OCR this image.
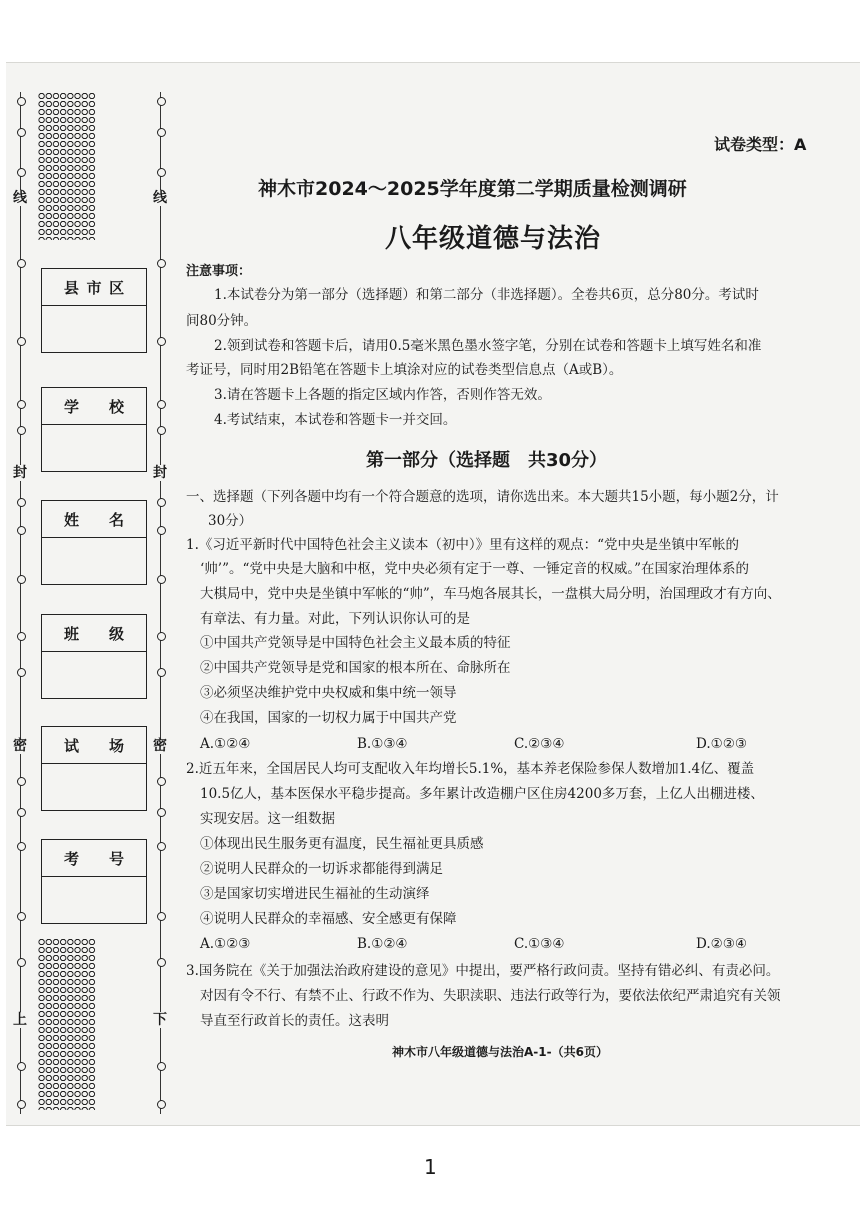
线
封
密
上
线
封
密
下
县 市 区
学 校
姓 名
班 级
试 场
考 号
试卷类型：A
神木市2024～2025学年度第二学期质量检测调研
八年级道德与法治
注意事项：
1.本试卷分为第一部分（选择题）和第二部分（非选择题）。全卷共6页，总分80分。考试时
间80分钟。
2.领到试卷和答题卡后，请用0.5毫米黑色墨水签字笔，分别在试卷和答题卡上填写姓名和准
考证号，同时用2B铅笔在答题卡上填涂对应的试卷类型信息点（A或B）。
3.请在答题卡上各题的指定区域内作答，否则作答无效。
4.考试结束，本试卷和答题卡一并交回。
第一部分（选择题　共30分）
一、选择题（下列各题中均有一个符合题意的选项，请你选出来。本大题共15小题，每小题2分，计
30分）
1.《习近平新时代中国特色社会主义读本（初中）》里有这样的观点：“党中央是坐镇中军帐的
‘帅’”。“党中央是大脑和中枢，党中央必须有定于一尊、一锤定音的权威。”在国家治理体系的
大棋局中，党中央是坐镇中军帐的“帅”，车马炮各展其长，一盘棋大局分明，治国理政才有方向、
有章法、有力量。对此，下列认识你认可的是
①中国共产党领导是中国特色社会主义最本质的特征
②中国共产党领导是党和国家的根本所在、命脉所在
③必须坚决维护党中央权威和集中统一领导
④在我国，国家的一切权力属于中国共产党
A.①②④	B.①③④	C.②③④	D.①②③
2.近五年来，全国居民人均可支配收入年均增长5.1%，基本养老保险参保人数增加1.4亿、覆盖
10.5亿人，基本医保水平稳步提高。多年累计改造棚户区住房4200多万套，上亿人出棚进楼、
实现安居。这一组数据
①体现出民生服务更有温度，民生福祉更具质感
②说明人民群众的一切诉求都能得到满足
③是国家切实增进民生福祉的生动演绎
④说明人民群众的幸福感、安全感更有保障
A.①②③	B.①②④	C.①③④	D.②③④
3.国务院在《关于加强法治政府建设的意见》中提出，要严格行政问责。坚持有错必纠、有责必问。
对因有令不行、有禁不止、行政不作为、失职渎职、违法行政等行为，要依法依纪严肃追究有关领
导直至行政首长的责任。这表明
神木市八年级道德与法治A-1-（共6页）
1
